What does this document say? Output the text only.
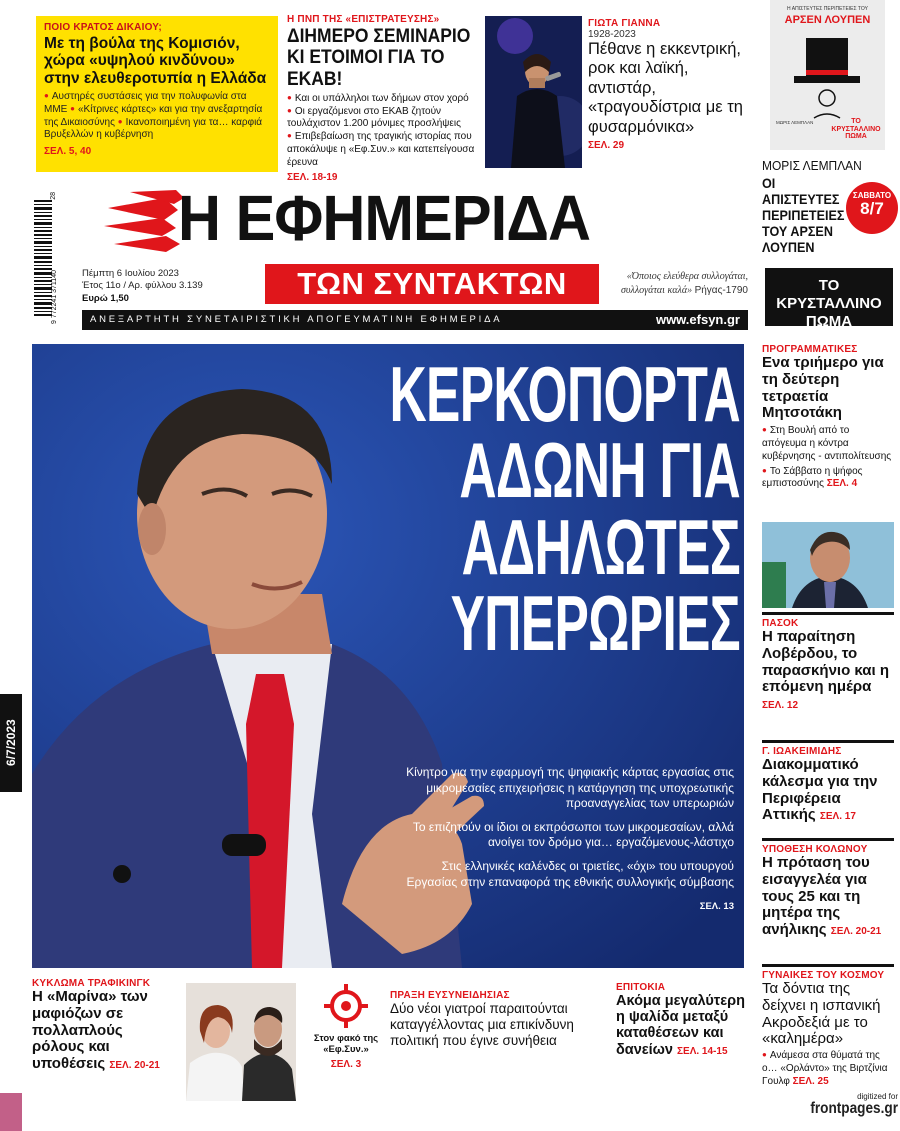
ΠΟΙΟ ΚΡΑΤΟΣ ΔΙΚΑΙΟΥ;
Με τη βούλα της Κομισιόν, χώρα «υψηλού κινδύνου» στην ελευθεροτυπία η Ελλάδα
● Αυστηρές συστάσεις για την πολυφωνία στα ΜΜΕ ● «Κίτρινες κάρτες» και για την ανεξαρτησία της Δικαιοσύνης ● Ικανοποιημένη για τα… καρφιά Βρυξελλών η κυβέρνηση
ΣΕΛ. 5, 40
Η ΠΝΠ ΤΗΣ «ΕΠΙΣΤΡΑΤΕΥΣΗΣ»
ΔΙΗΜΕΡΟ ΣΕΜΙΝΑΡΙΟ ΚΙ ΕΤΟΙΜΟΙ ΓΙΑ ΤΟ ΕΚΑΒ!
● Και οι υπάλληλοι των δήμων στον χορό ● Οι εργαζόμενοι στο ΕΚΑΒ ζητούν τουλάχιστον 1.200 μόνιμες προσλήψεις ● Επιβεβαίωση της τραγικής ιστορίας που αποκάλυψε η «Εφ.Συν.» και κατεπείγουσα έρευνα
ΣΕΛ. 18-19
ΓΙΩΤΑ ΓΙΑΝΝΑ
1928-2023
Πέθανε η εκκεντρική, ροκ και λαϊκή, αντιστάρ, «τραγουδίστρια με τη φυσαρμόνικα»
ΣΕΛ. 29
Η ΑΠΙΣΤΕΥΤΕΣ ΠΕΡΙΠΕΤΕΙΕΣ ΤΟΥ
ΑΡΣΕΝ ΛΟΥΠΕΝ
ΤΟ ΚΡΥΣΤΑΛΛΙΝΟ ΠΩΜΑ
ΜΩΡΙΣ ΛΕΜΠΛΑΝ
ΜΟΡΙΣ ΛΕΜΠΛΑΝ
ΟΙ ΑΠΙΣΤΕΥΤΕΣ ΠΕΡΙΠΕΤΕΙΕΣ ΤΟΥ ΑΡΣΕΝ ΛΟΥΠΕΝ
ΣΑΒΒΑΤΟ
8/7
ΤΟ ΚΡΥΣΤΑΛΛΙΝΟ ΠΩΜΑ
28
9 772241 371140
Η ΕΦΗΜΕΡΙΔΑ
Πέμπτη 6 Ιουλίου 2023
Έτος 11ο / Αρ. φύλλου 3.139
Ευρώ 1,50	ΤΩΝ ΣΥΝΤΑΚΤΩΝ	«Όποιος ελεύθερα συλλογάται, συλλογάται καλά» Ρήγας-1790
ΑΝΕΞΑΡΤΗΤΗ ΣΥΝΕΤΑΙΡΙΣΤΙΚΗ ΑΠΟΓΕΥΜΑΤΙΝΗ ΕΦΗΜΕΡΙΔΑ	www.efsyn.gr
ΚΕΡΚΟΠΟΡΤΑ
ΑΔΩΝΗ ΓΙΑ
ΑΔΗΛΩΤΕΣ
ΥΠΕΡΩΡΙΕΣ

Κίνητρο για την εφαρμογή της ψηφιακής κάρτας εργασίας στις μικρομεσαίες επιχειρήσεις η κατάργηση της υποχρεωτικής προαναγγελίας των υπερωριών

Το επιζητούν οι ίδιοι οι εκπρόσωποι των μικρομεσαίων, αλλά ανοίγει τον δρόμο για… εργαζόμενους-λάστιχο

Στις ελληνικές καλένδες οι τριετίες, «όχι» του υπουργού Εργασίας στην επαναφορά της εθνικής συλλογικής σύμβασης

ΣΕΛ. 13
ΠΡΟΓΡΑΜΜΑΤΙΚΕΣ
Ενα τριήμερο για τη δεύτερη τετραετία Μητσοτάκη
● Στη Βουλή από το απόγευμα η κόντρα κυβέρνησης - αντιπολίτευσης
● Το Σάββατο η ψήφος εμπιστοσύνης ΣΕΛ. 4
ΠΑΣΟΚ
Η παραίτηση Λοβέρδου, το παρασκήνιο και η επόμενη ημέρα ΣΕΛ. 12
Γ. ΙΩΑΚΕΙΜΙΔΗΣ
Διακομματικό κάλεσμα για την Περιφέρεια Αττικής ΣΕΛ. 17
ΥΠΟΘΕΣΗ ΚΟΛΩΝΟΥ
Η πρόταση του εισαγγελέα για τους 25 και τη μητέρα της ανήλικης ΣΕΛ. 20-21
ΓΥΝΑΙΚΕΣ ΤΟΥ ΚΟΣΜΟΥ
Τα δόντια της δείχνει η ισπανική Ακροδεξιά με το «καλημέρα»
● Ανάμεσα στα θύματά της ο… «Ορλάντο» της Βιρτζίνια Γουλφ ΣΕΛ. 25
ΚΥΚΛΩΜΑ ΤΡΑΦΙΚΙΝΓΚ
Η «Μαρίνα» των μαφιόζων σε πολλαπλούς ρόλους και υποθέσεις ΣΕΛ. 20-21
Στον φακό της «Εφ.Συν.»
ΣΕΛ. 3
ΠΡΑΞΗ ΕΥΣΥΝΕΙΔΗΣΙΑΣ
Δύο νέοι γιατροί παραιτούνται καταγγέλλοντας μια επικίνδυνη πολιτική που έγινε συνήθεια
ΕΠΙΤΟΚΙΑ
Ακόμα μεγαλύτερη η ψαλίδα μεταξύ καταθέσεων και δανείων ΣΕΛ. 14-15
digitized for
frontpages.gr
6/7/2023
